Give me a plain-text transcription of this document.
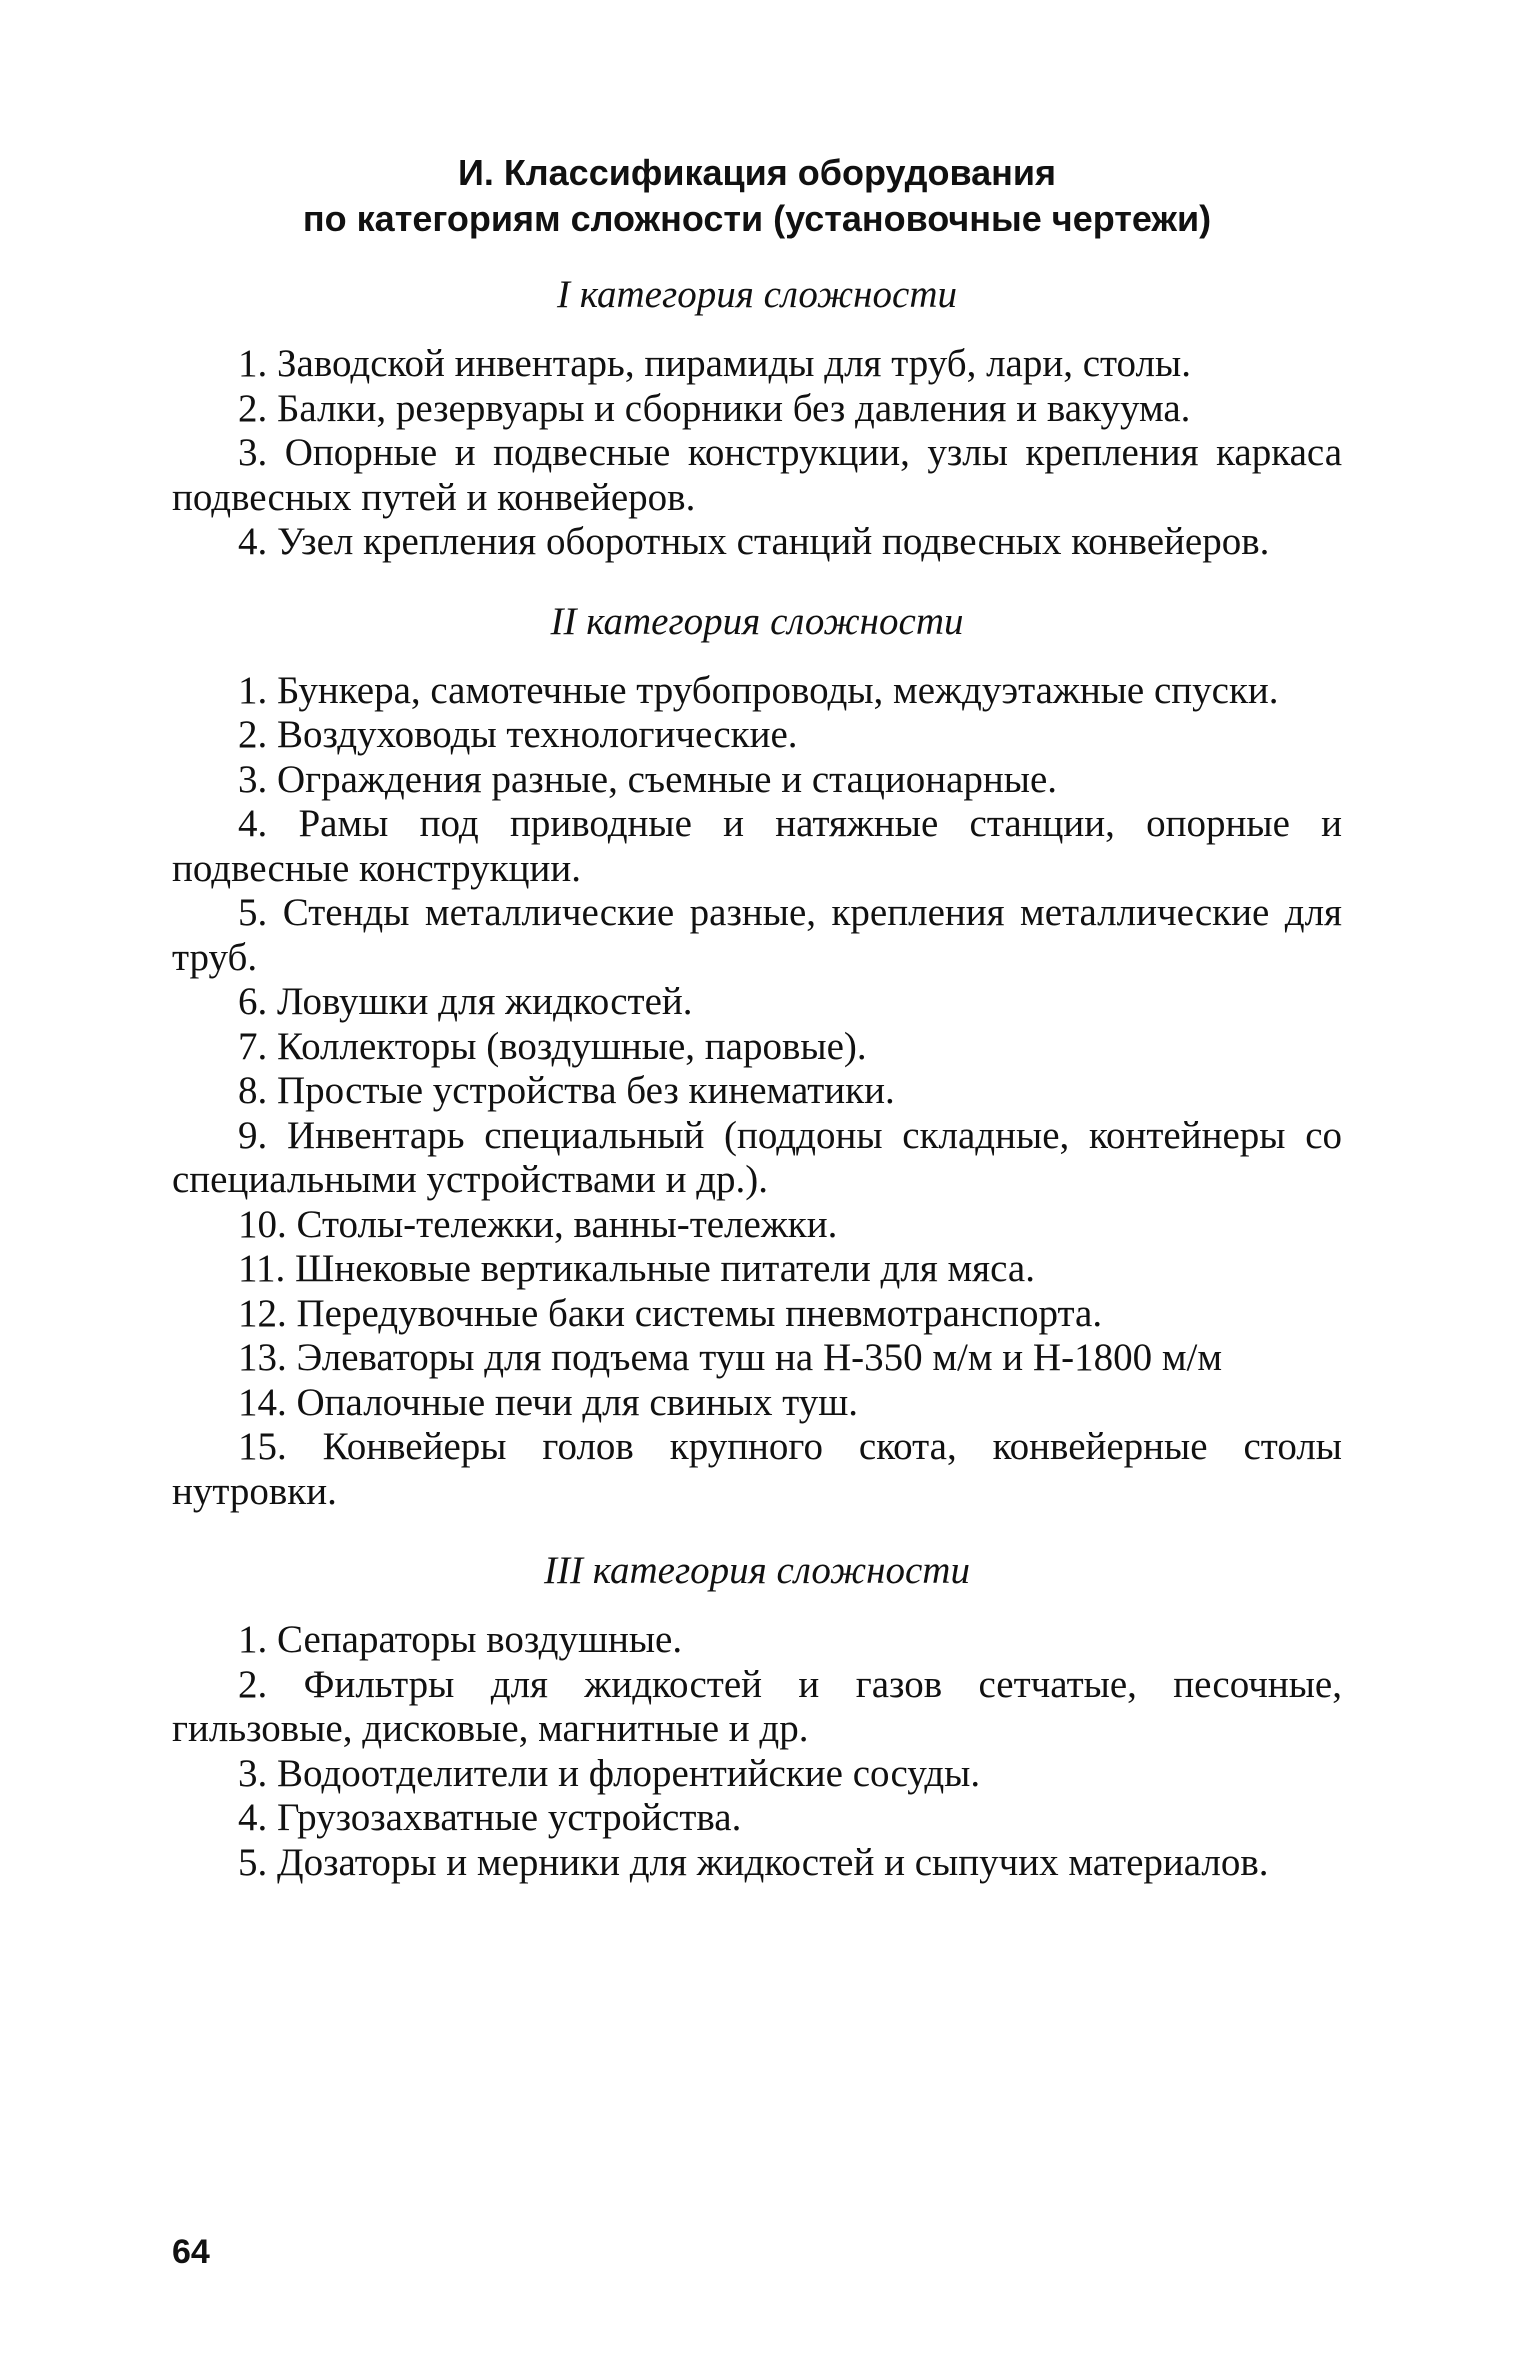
И. Классификация оборудования
по категориям сложности (установочные чертежи)
I категория сложности

1. Заводской инвентарь, пирамиды для труб, лари, столы.

2. Балки, резервуары и сборники без давления и вакуума.

3. Опорные и подвесные конструкции, узлы крепления каркаса подвесных путей и конвейеров.

4. Узел крепления оборотных станций подвесных конвейеров.

II категория сложности

1. Бункера, самотечные трубопроводы, междуэтажные спуски.

2. Воздуховоды технологические.

3. Ограждения разные, съемные и стационарные.

4. Рамы под приводные и натяжные станции, опорные и подвесные конструкции.

5. Стенды металлические разные, крепления металлические для труб.

6. Ловушки для жидкостей.

7. Коллекторы (воздушные, паровые).

8. Простые устройства без кинематики.

9. Инвентарь специальный (поддоны складные, контейнеры со специальными устройствами и др.).

10. Столы-тележки, ванны-тележки.

11. Шнековые вертикальные питатели для мяса.

12. Передувочные баки системы пневмотранспорта.

13. Элеваторы для подъема туш на H-350 м/м и H-1800 м/м

14. Опалочные печи для свиных туш.

15. Конвейеры голов крупного скота, конвейерные столы нутровки.

III категория сложности

1. Сепараторы воздушные.

2. Фильтры для жидкостей и газов сетчатые, песочные, гильзовые, дисковые, магнитные и др.

3. Водоотделители и флорентийские сосуды.

4. Грузозахватные устройства.

5. Дозаторы и мерники для жидкостей и сыпучих материалов.

64
